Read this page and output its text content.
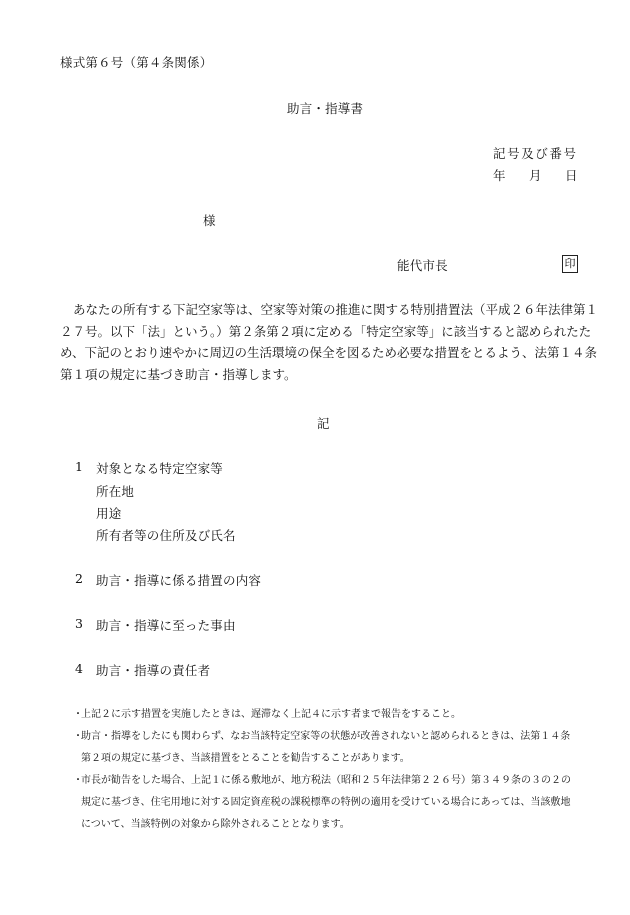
様式第６号（第４条関係）
助言・指導書
記号及び番号
年 月 日
様
能代市長	印
あなたの所有する下記空家等は、空家等対策の推進に関する特別措置法（平成２６年法律第１
２７号。以下「法」という。）第２条第２項に定める「特定空家等」に該当すると認められたた
め、下記のとおり速やかに周辺の生活環境の保全を図るため必要な措置をとるよう、法第１４条
第１項の規定に基づき助言・指導します。
記
1 対象となる特定空家等
所在地
用途
所有者等の住所及び氏名
2 助言・指導に係る措置の内容
3 助言・指導に至った事由
4 助言・指導の責任者
・
上記２に示す措置を実施したときは、遅滞なく上記４に示す者まで報告をすること。
・
助言・指導をしたにも関わらず、なお当該特定空家等の状態が改善されないと認められるときは、法第１４条
第２項の規定に基づき、当該措置をとることを勧告することがあります。
・
市長が勧告をした場合、上記１に係る敷地が、地方税法（昭和２５年法律第２２６号）第３４９条の３の２の
規定に基づき、住宅用地に対する固定資産税の課税標準の特例の適用を受けている場合にあっては、当該敷地
について、当該特例の対象から除外されることとなります。
